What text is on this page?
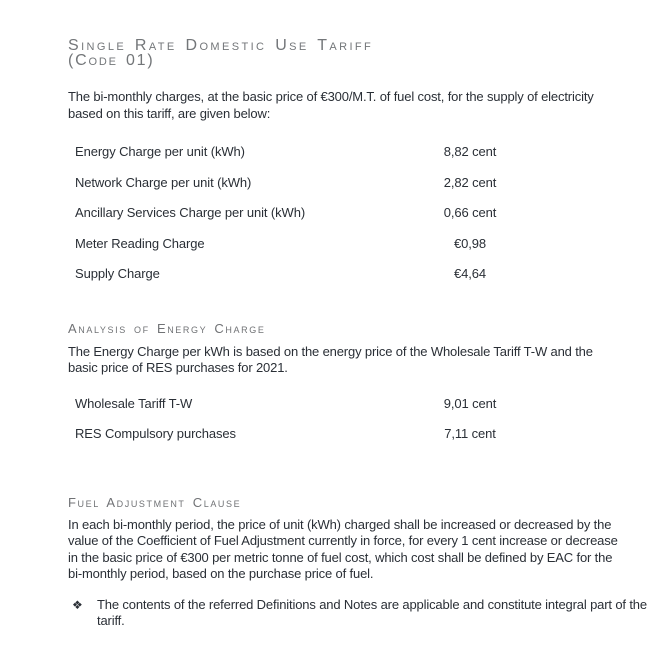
Single Rate Domestic Use Tariff
(Code 01)

The bi-monthly charges, at the basic price of €300/M.T. of fuel cost, for the supply of electricity based on this tariff, are given below:

Energy Charge per unit (kWh)	8,82 cent
Network Charge per unit (kWh)	2,82 cent
Ancillary Services Charge per unit (kWh)	0,66 cent
Meter Reading Charge	€0,98
Supply Charge	€4,64
Analysis of Energy Charge

The Energy Charge per kWh is based on the energy price of the Wholesale Tariff T-W and the basic price of RES purchases for 2021.

Wholesale Tariff T-W	9,01 cent
RES Compulsory purchases	7,11 cent
Fuel Adjustment Clause

In each bi-monthly period, the price of unit (kWh) charged shall be increased or decreased by the value of the Coefficient of Fuel Adjustment currently in force, for every 1 cent increase or decrease in the basic price of €300 per metric tonne of fuel cost, which cost shall be defined by EAC for the bi-monthly period, based on the purchase price of fuel.

❖	The contents of the referred Definitions and Notes are applicable and constitute integral part of the tariff.
